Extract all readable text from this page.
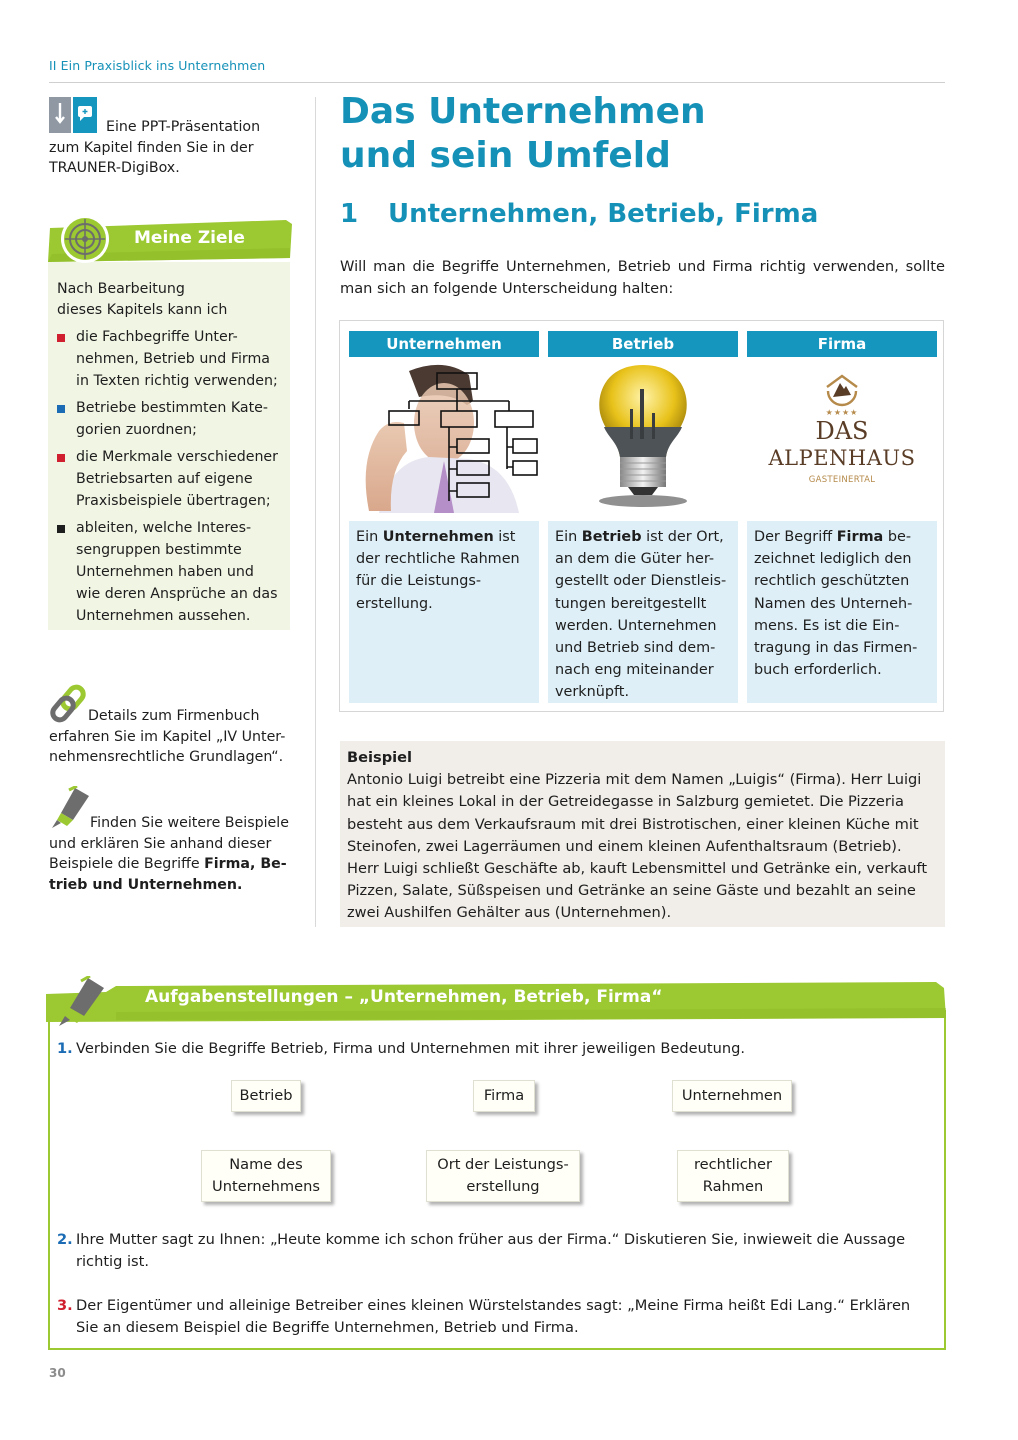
II Ein Praxisblick ins Unternehmen
Eine PPT-Präsentation
zum Kapitel finden Sie in der
TRAUNER-DigiBox.
Meine Ziele
Nach Bearbeitung
dieses Kapitels kann ich
die Fachbegriffe Unter-
nehmen, Betrieb und Firma
in Texten richtig verwenden;
Betriebe bestimmten Kate-
gorien zuordnen;
die Merkmale verschiedener
Betriebsarten auf eigene
Praxisbeispiele übertragen;
ableiten, welche Interes-
sengruppen bestimmte
Unternehmen haben und
wie deren Ansprüche an das
Unternehmen aussehen.
Details zum Firmenbuch
erfahren Sie im Kapitel „IV Unter-
nehmensrechtliche Grundlagen“.
Finden Sie weitere Beispiele
und erklären Sie anhand dieser
Beispiele die Begriffe Firma, Be-
trieb und Unternehmen.
Das Unternehmen
und sein Umfeld
1 Unternehmen, Betrieb, Firma
Will man die Begriffe Unternehmen, Betrieb und Firma richtig verwenden, sollte
man sich an folgende Unterscheidung halten:
Unternehmen
Ein Unternehmen ist
der rechtliche Rahmen
für die Leistungs-
erstellung.
Betrieb
Ein Betrieb ist der Ort,
an dem die Güter her-
gestellt oder Dienstleis-
tungen bereitgestellt
werden. Unternehmen
und Betrieb sind dem-
nach eng miteinander
verknüpft.
Firma
★★★★
DAS
ALPENHAUS
GASTEINERTAL
Der Begriff Firma be-
zeichnet lediglich den
rechtlich geschützten
Namen des Unterneh-
mens. Es ist die Ein-
tragung in das Firmen-
buch erforderlich.
Beispiel
Antonio Luigi betreibt eine Pizzeria mit dem Namen „Luigis“ (Firma). Herr Luigi
hat ein kleines Lokal in der Getreidegasse in Salzburg gemietet. Die Pizzeria
besteht aus dem Verkaufsraum mit drei Bistrotischen, einer kleinen Küche mit
Steinofen, zwei Lagerräumen und einem kleinen Aufenthaltsraum (Betrieb).
Herr Luigi schließt Geschäfte ab, kauft Lebensmittel und Getränke ein, verkauft
Pizzen, Salate, Süßspeisen und Getränke an seine Gäste und bezahlt an seine
zwei Aushilfen Gehälter aus (Unternehmen).
Aufgabenstellungen – „Unternehmen, Betrieb, Firma“
1. Verbinden Sie die Begriffe Betrieb, Firma und Unternehmen mit ihrer jeweiligen Bedeutung.
Betrieb	Firma	Unternehmen
Name des
Unternehmens
Ort der Leistungs-
erstellung
rechtlicher
Rahmen
2. Ihre Mutter sagt zu Ihnen: „Heute komme ich schon früher aus der Firma.“ Diskutieren Sie, inwieweit die Aussage
richtig ist.
3. Der Eigentümer und alleinige Betreiber eines kleinen Würstelstandes sagt: „Meine Firma heißt Edi Lang.“ Erklären
Sie an diesem Beispiel die Begriffe Unternehmen, Betrieb und Firma.
30
